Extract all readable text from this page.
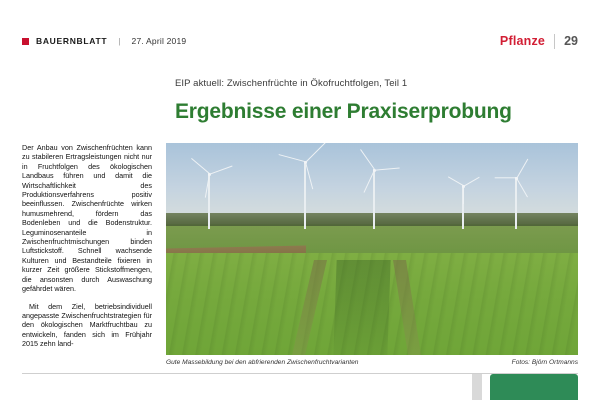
BAUERNBLATT | 27. April 2019	Pflanze 29
EIP aktuell: Zwischenfrüchte in Ökofruchtfolgen, Teil 1
Ergebnisse einer Praxiserprobung

Der Anbau von Zwischenfrüchten kann zu stabileren Ertragsleistungen nicht nur in Fruchtfolgen des ökologischen Landbaus führen und damit die Wirtschaftlichkeit des Produktionsverfahrens positiv beeinflussen. Zwischenfrüchte wirken humusmehrend, fördern das Bodenleben und die Bodenstruktur. Leguminosenanteile in Zwischenfruchtmischungen binden Luftstickstoff. Schnell wachsende Kulturen und Bestandteile fixieren in kurzer Zeit größere Stickstoffmengen, die ansonsten durch Auswaschung gefährdet wären.

Mit dem Ziel, betriebsindividuell angepasste Zwischenfruchtstrategien für den ökologischen Marktfruchtbau zu entwickeln, fanden sich im Frühjahr 2015 zehn land-

Gute Massebildung bei den abfrierenden Zwischenfruchtvarianten	Fotos: Björn Ortmanns
